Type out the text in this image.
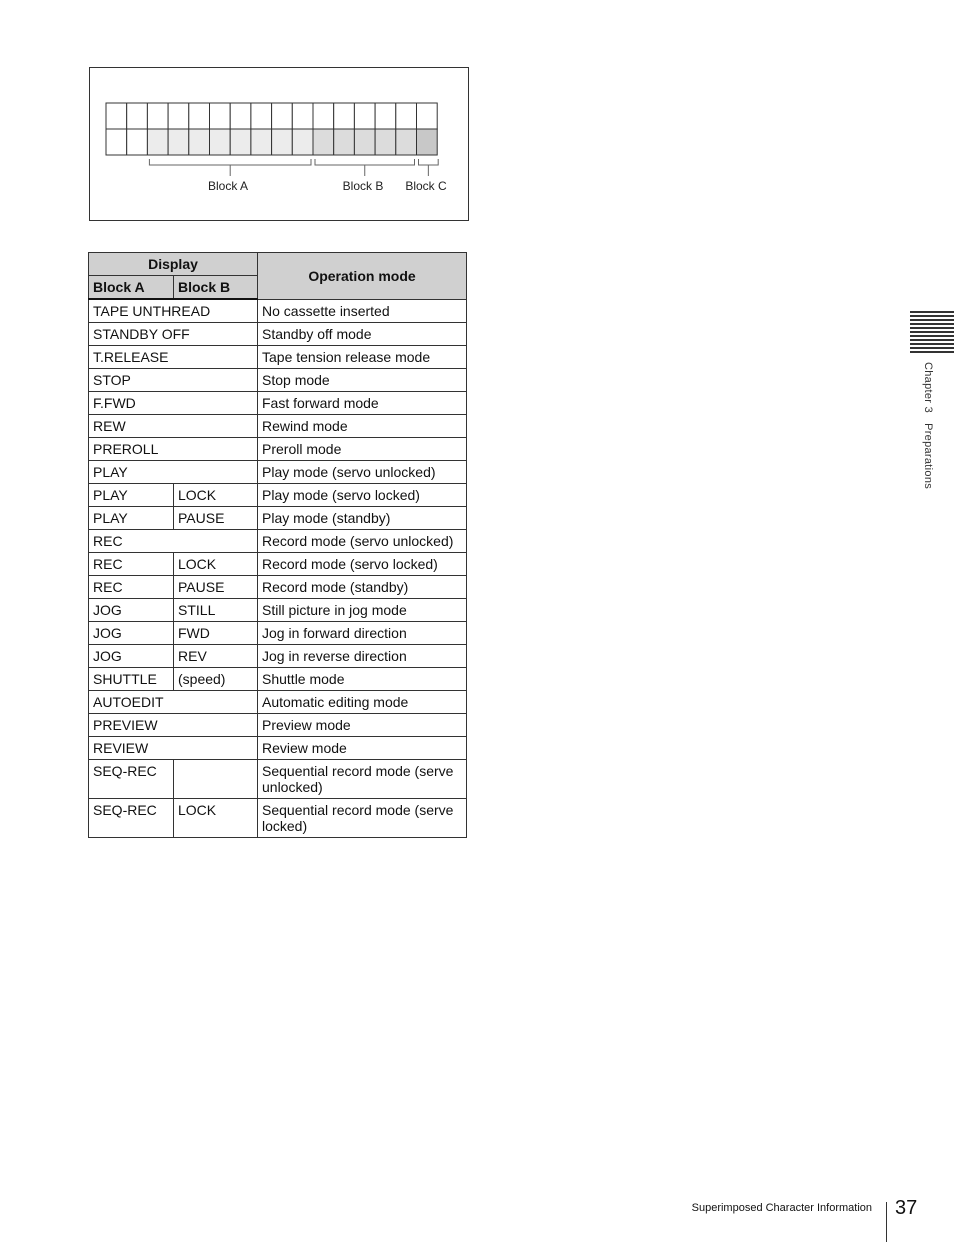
Block A	Block B Block C
Display		Operation mode
Block A	Block B	
TAPE UNTHREAD		No cassette inserted
STANDBY OFF		Standby off mode
T.RELEASE		Tape tension release mode
STOP		Stop mode
F.FWD		Fast forward mode
REW		Rewind mode
PREROLL		Preroll mode
PLAY		Play mode (servo unlocked)
PLAY	LOCK	Play mode (servo locked)
PLAY	PAUSE	Play mode (standby)
REC		Record mode (servo unlocked)
REC	LOCK	Record mode (servo locked)
REC	PAUSE	Record mode (standby)
JOG	STILL	Still picture in jog mode
JOG	FWD	Jog in forward direction
JOG	REV	Jog in reverse direction
SHUTTLE	(speed)	Shuttle mode
AUTOEDIT		Automatic editing mode
PREVIEW		Preview mode
REVIEW		Review mode
SEQ-REC		Sequential record mode (serve unlocked)
SEQ-REC	LOCK	Sequential record mode (serve locked)
Chapter 3   Preparations
Superimposed Character Information 37
